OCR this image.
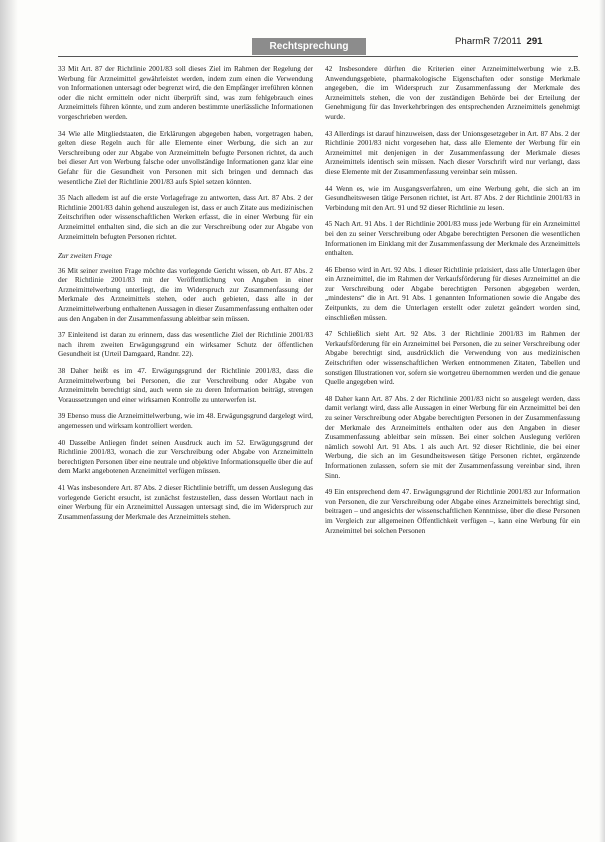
Rechtsprechung	PharmR 7/2011 291

33 Mit Art. 87 der Richtlinie 2001/83 soll dieses Ziel im Rahmen der Regelung der Werbung für Arzneimittel gewährleistet werden, indem zum einen die Verwendung von Informationen untersagt oder begrenzt wird, die den Empfänger irreführen können oder die nicht ermitteln oder nicht überprüft sind, was zum fehlgebrauch eines Arzneimittels führen könnte, und zum anderen bestimmte unerlässliche Informationen vorgeschrieben werden.

34 Wie alle Mitgliedstaaten, die Erklärungen abgegeben haben, vorgetragen haben, gelten diese Regeln auch für alle Elemente einer Werbung, die sich an zur Verschreibung oder zur Abgabe von Arzneimitteln befugte Personen richtet, da auch bei dieser Art von Werbung falsche oder unvollständige Informationen ganz klar eine Gefahr für die Gesundheit von Personen mit sich bringen und demnach das wesentliche Ziel der Richtlinie 2001/83 aufs Spiel setzen könnten.

35 Nach alledem ist auf die erste Vorlagefrage zu antworten, dass Art. 87 Abs. 2 der Richtlinie 2001/83 dahin gehend auszulegen ist, dass er auch Zitate aus medizinischen Zeitschriften oder wissenschaftlichen Werken erfasst, die in einer Werbung für ein Arzneimittel enthalten sind, die sich an die zur Verschreibung oder zur Abgabe von Arzneimitteln befugten Personen richtet.

Zur zweiten Frage

36 Mit seiner zweiten Frage möchte das vorlegende Gericht wissen, ob Art. 87 Abs. 2 der Richtlinie 2001/83 mit der Veröffentlichung von Angaben in einer Arzneimittelwerbung unterliegt, die im Widerspruch zur Zusammenfassung der Merkmale des Arzneimittels stehen, oder auch gebieten, dass alle in der Arzneimittelwerbung enthaltenen Aussagen in dieser Zusammenfassung enthalten oder aus den Angaben in der Zusammenfassung ableitbar sein müssen.

37 Einleitend ist daran zu erinnern, dass das wesentliche Ziel der Richtlinie 2001/83 nach ihrem zweiten Erwägungsgrund ein wirksamer Schutz der öffentlichen Gesundheit ist (Urteil Damgaard, Randnr. 22).

38 Daher heißt es im 47. Erwägungsgrund der Richtlinie 2001/83, dass die Arzneimittelwerbung bei Personen, die zur Verschreibung oder Abgabe von Arzneimitteln berechtigt sind, auch wenn sie zu deren Information beiträgt, strengen Voraussetzungen und einer wirksamen Kontrolle zu unterwerfen ist.

39 Ebenso muss die Arzneimittelwerbung, wie im 48. Erwägungsgrund dargelegt wird, angemessen und wirksam kontrolliert werden.

40 Dasselbe Anliegen findet seinen Ausdruck auch im 52. Erwägungsgrund der Richtlinie 2001/83, wonach die zur Verschreibung oder Abgabe von Arzneimitteln berechtigten Personen über eine neutrale und objektive Informationsquelle über die auf dem Markt angebotenen Arzneimittel verfügen müssen.

41 Was insbesondere Art. 87 Abs. 2 dieser Richtlinie betrifft, um dessen Auslegung das vorlegende Gericht ersucht, ist zunächst festzustellen, dass dessen Wortlaut nach in einer Werbung für ein Arzneimittel Aussagen untersagt sind, die im Widerspruch zur Zusammenfassung der Merkmale des Arzneimittels stehen.

42 Insbesondere dürften die Kriterien einer Arzneimittelwerbung wie z.B. Anwendungsgebiete, pharmakologische Eigenschaften oder sonstige Merkmale angegeben, die im Widerspruch zur Zusammenfassung der Merkmale des Arzneimittels stehen, die von der zuständigen Behörde bei der Erteilung der Genehmigung für das Inverkehrbringen des entsprechenden Arzneimittels genehmigt wurde.

43 Allerdings ist darauf hinzuweisen, dass der Unionsgesetzgeber in Art. 87 Abs. 2 der Richtlinie 2001/83 nicht vorgesehen hat, dass alle Elemente der Werbung für ein Arzneimittel mit denjenigen in der Zusammenfassung der Merkmale dieses Arzneimittels identisch sein müssen. Nach dieser Vorschrift wird nur verlangt, dass diese Elemente mit der Zusammenfassung vereinbar sein müssen.

44 Wenn es, wie im Ausgangsverfahren, um eine Werbung geht, die sich an im Gesundheitswesen tätige Personen richtet, ist Art. 87 Abs. 2 der Richtlinie 2001/83 in Verbindung mit den Art. 91 und 92 dieser Richtlinie zu lesen.

45 Nach Art. 91 Abs. 1 der Richtlinie 2001/83 muss jede Werbung für ein Arzneimittel bei den zu seiner Verschreibung oder Abgabe berechtigten Personen die wesentlichen Informationen im Einklang mit der Zusammenfassung der Merkmale des Arzneimittels enthalten.

46 Ebenso wird in Art. 92 Abs. 1 dieser Richtlinie präzisiert, dass alle Unterlagen über ein Arzneimittel, die im Rahmen der Verkaufsförderung für dieses Arzneimittel an die zur Verschreibung oder Abgabe berechtigten Personen abgegeben werden, „mindestens“ die in Art. 91 Abs. 1 genannten Informationen sowie die Angabe des Zeitpunkts, zu dem die Unterlagen erstellt oder zuletzt geändert worden sind, einschließen müssen.

47 Schließlich sieht Art. 92 Abs. 3 der Richtlinie 2001/83 im Rahmen der Verkaufsförderung für ein Arzneimittel bei Personen, die zu seiner Verschreibung oder Abgabe berechtigt sind, ausdrücklich die Verwendung von aus medizinischen Zeitschriften oder wissenschaftlichen Werken entnommenen Zitaten, Tabellen und sonstigen Illustrationen vor, sofern sie wortgetreu übernommen werden und die genaue Quelle angegeben wird.

48 Daher kann Art. 87 Abs. 2 der Richtlinie 2001/83 nicht so ausgelegt werden, dass damit verlangt wird, dass alle Aussagen in einer Werbung für ein Arzneimittel bei den zu seiner Verschreibung oder Abgabe berechtigten Personen in der Zusammenfassung der Merkmale des Arzneimittels enthalten oder aus den Angaben in dieser Zusammenfassung ableitbar sein müssen. Bei einer solchen Auslegung verlören nämlich sowohl Art. 91 Abs. 1 als auch Art. 92 dieser Richtlinie, die bei einer Werbung, die sich an im Gesundheitswesen tätige Personen richtet, ergänzende Informationen zulassen, sofern sie mit der Zusammenfassung vereinbar sind, ihren Sinn.

49 Ein entsprechend dem 47. Erwägungsgrund der Richtlinie 2001/83 zur Information von Personen, die zur Verschreibung oder Abgabe eines Arzneimittels berechtigt sind, beitragen – und angesichts der wissenschaftlichen Kenntnisse, über die diese Personen im Vergleich zur allgemeinen Öffentlichkeit verfügen –, kann eine Werbung für ein Arzneimittel bei solchen Personen
